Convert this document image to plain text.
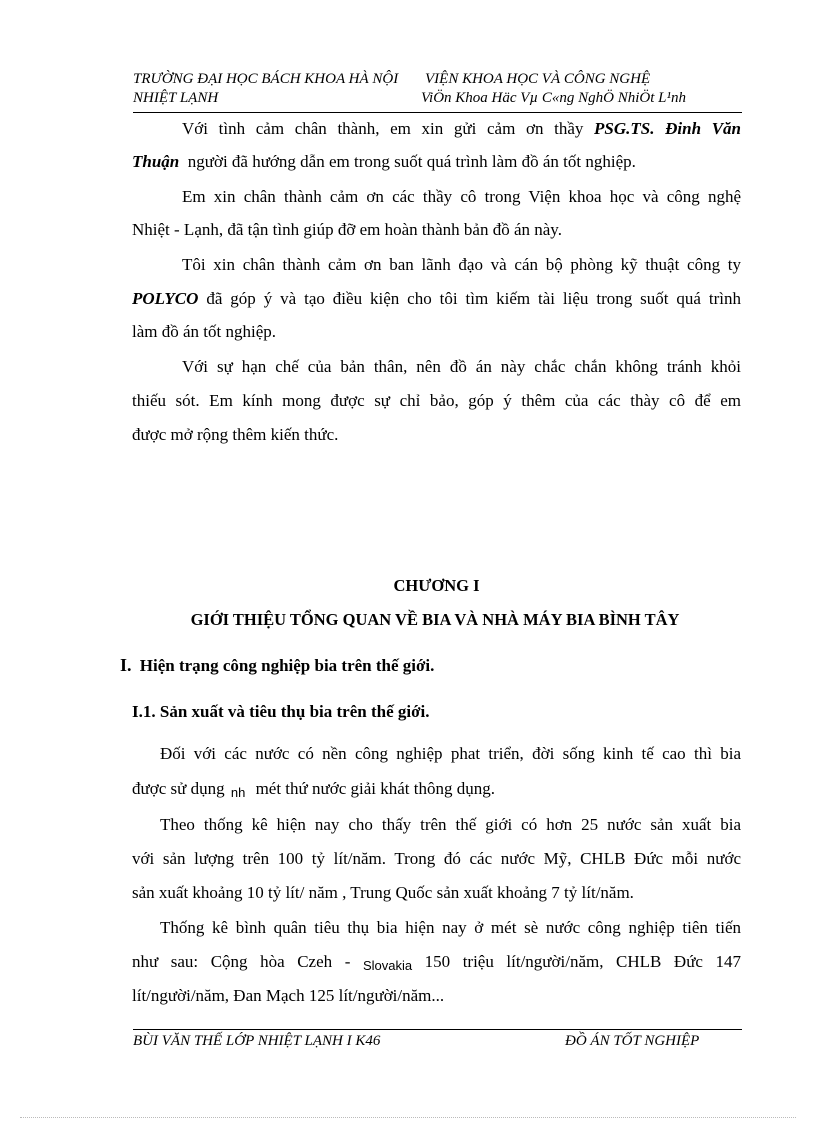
TRƯỜNG ĐẠI HỌC BÁCH KHOA HÀ NỘI VIỆN KHOA HỌC VÀ CÔNG NGHỆ
NHIỆT LẠNH	ViÖn Khoa Häc Vµ C«ng NghÖ NhiÖt L¹nh
Với tình cảm chân thành, em xin gửi cảm ơn thầy PSG.TS. Đinh Văn
Thuận người đã hướng dẫn em trong suốt quá trình làm đồ án tốt nghiệp.
Em xin chân thành cảm ơn các thầy cô trong Viện khoa học và công nghệ
Nhiệt - Lạnh, đã tận tình giúp đỡ em hoàn thành bản đồ án này.
Tôi xin chân thành cảm ơn ban lãnh đạo và cán bộ phòng kỹ thuật công ty
POLYCO đã góp ý và tạo điều kiện cho tôi tìm kiếm tài liệu trong suốt quá trình
làm đồ án tốt nghiệp.
Với sự hạn chế của bản thân, nên đồ án này chắc chắn không tránh khỏi
thiếu sót. Em kính mong được sự chỉ bảo, góp ý thêm của các thày cô để em
được mở rộng thêm kiến thức.
CHƯƠNG I
GIỚI THIỆU TỔNG QUAN VỀ BIA VÀ NHÀ MÁY BIA BÌNH TÂY
I. Hiện trạng công nghiệp bia trên thế giới.
I.1. Sản xuất và tiêu thụ bia trên thế giới.
Đối với các nước có nền công nghiệp phat triển, đời sống kinh tế cao thì bia
được sử dụng nh mét thứ nước giải khát thông dụng.
Theo thống kê hiện nay cho thấy trên thế giới có hơn 25 nước sản xuất bia
với sản lượng trên 100 tỷ lít/năm. Trong đó các nước Mỹ, CHLB Đức mỗi nước
sản xuất khoảng 10 tỷ lít/ năm , Trung Quốc sản xuất khoảng 7 tỷ lít/năm.
Thống kê bình quân tiêu thụ bia hiện nay ở mét sè nước công nghiệp tiên tiến
như sau: Cộng hòa Czeh - Slovakia 150 triệu lít/người/năm, CHLB Đức 147
lít/người/năm, Đan Mạch 125 lít/người/năm...
BÙI VĂN THẾ LỚP NHIỆT LẠNH I K46	ĐỒ ÁN TỐT NGHIỆP
